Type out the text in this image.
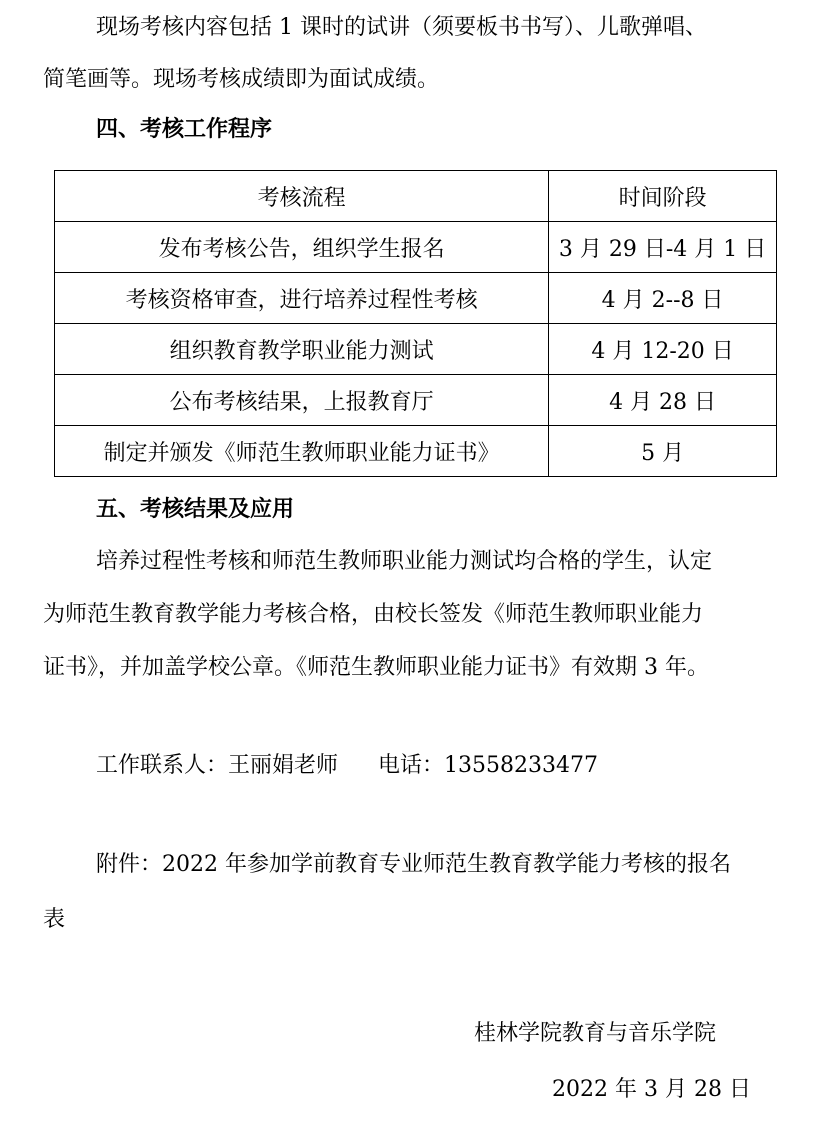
现场考核内容包括 1 课时的试讲（须要板书书写）、儿歌弹唱、
简笔画等。现场考核成绩即为面试成绩。
四、考核工作程序
考核流程	时间阶段
发布考核公告，组织学生报名	3 月 29 日-4 月 1 日
考核资格审查，进行培养过程性考核	4 月 2--8 日
组织教育教学职业能力测试	4 月 12-20 日
公布考核结果，上报教育厅	4 月 28 日
制定并颁发《师范生教师职业能力证书》	5 月
五、考核结果及应用
培养过程性考核和师范生教师职业能力测试均合格的学生，认定
为师范生教育教学能力考核合格，由校长签发《师范生教师职业能力
证书》，并加盖学校公章。《师范生教师职业能力证书》有效期 3 年。
工作联系人：王丽娟老师 电话：13558233477
附件：2022 年参加学前教育专业师范生教育教学能力考核的报名
表
桂林学院教育与音乐学院
2022 年 3 月 28 日
